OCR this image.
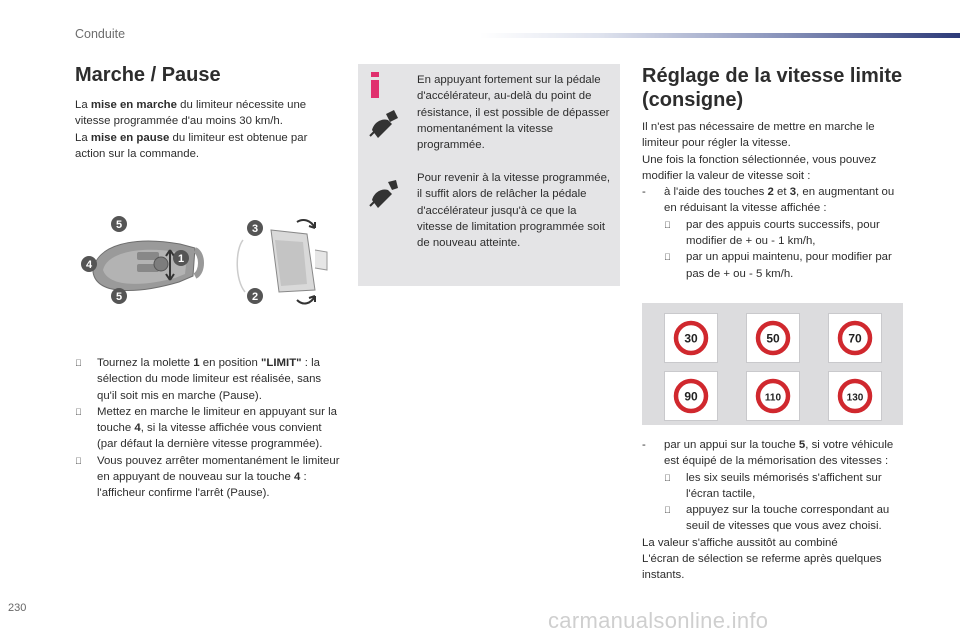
Conduite
Marche / Pause
La mise en marche du limiteur nécessite une vitesse programmée d'au moins 30 km/h.
La mise en pause du limiteur est obtenue par action sur la commande.
5
4	1
5
3
2

Tournez la molette 1 en position "LIMIT" : la sélection du mode limiteur est réalisée, sans qu'il soit mis en marche (Pause).

Mettez en marche le limiteur en appuyant sur la touche 4, si la vitesse affichée vous convient (par défaut la dernière vitesse programmée).

Vous pouvez arrêter momentanément le limiteur en appuyant de nouveau sur la touche 4 : l'afficheur confirme l'arrêt (Pause).

En appuyant fortement sur la pédale d'accélérateur, au-delà du point de résistance, il est possible de dépasser momentanément la vitesse programmée.
Pour revenir à la vitesse programmée, il suffit alors de relâcher la pédale d'accélérateur jusqu'à ce que la vitesse de limitation programmée soit de nouveau atteinte.
Réglage de la vitesse limite (consigne)
Il n'est pas nécessaire de mettre en marche le limiteur pour régler la vitesse.
Une fois la fonction sélectionnée, vous pouvez modifier la valeur de vitesse soit :
- à l'aide des touches 2 et 3, en augmentant ou en réduisant la vitesse affichée :
par des appuis courts successifs, pour modifier de + ou - 1 km/h,
par un appui maintenu, pour modifier par pas de + ou - 5 km/h.
30	50	70
90	110	130
- par un appui sur la touche 5, si votre véhicule est équipé de la mémorisation des vitesses :
les six seuils mémorisés s'affichent sur l'écran tactile,
appuyez sur la touche correspondant au seuil de vitesses que vous avez choisi.
La valeur s'affiche aussitôt au combiné
L'écran de sélection se referme après quelques instants.
230	carmanualsonline.info
